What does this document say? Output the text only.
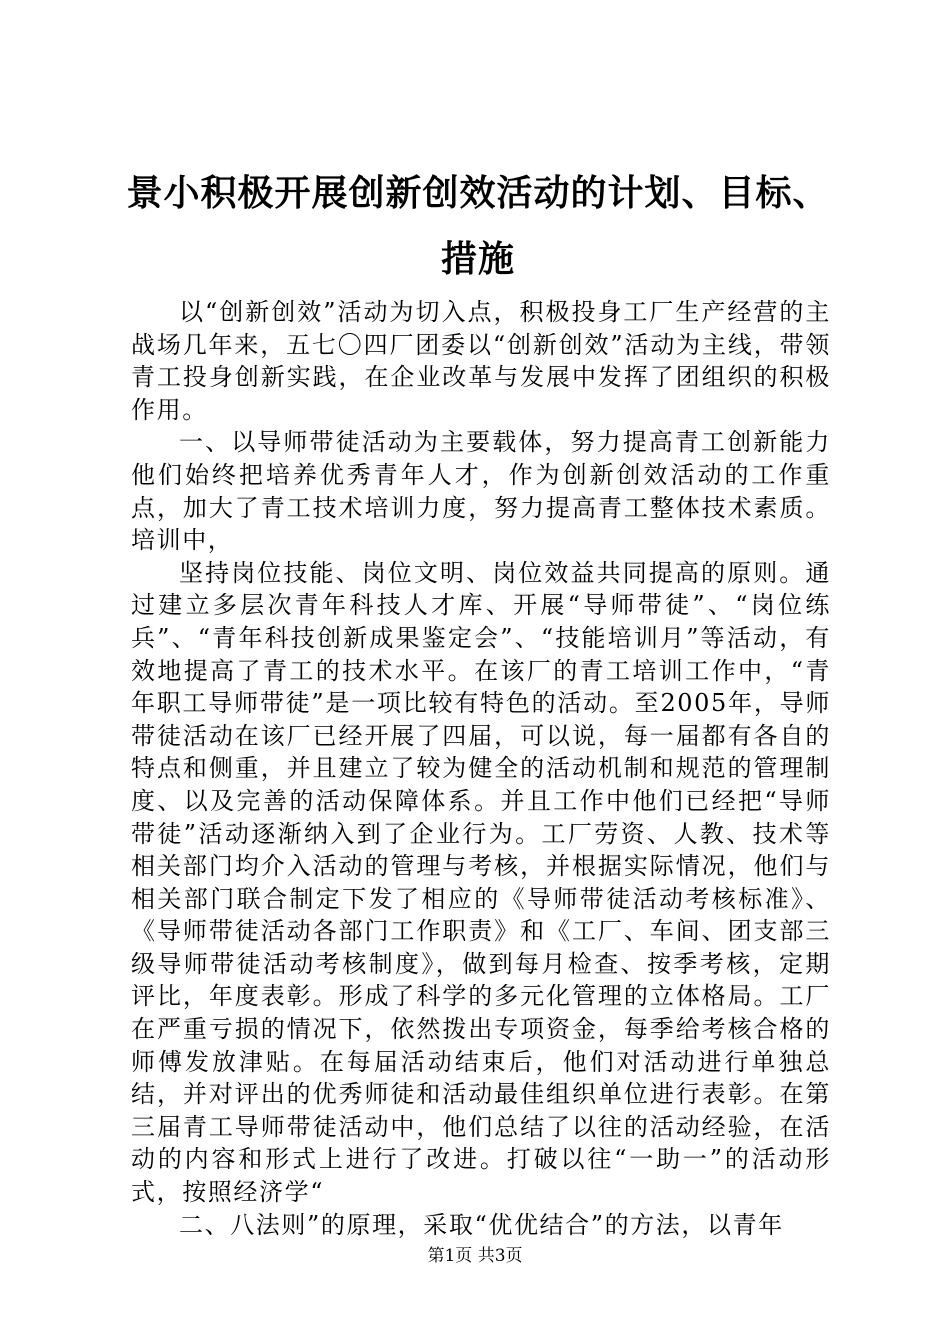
景小积极开展创新创效活动的计划、目标、措施

以“创新创效”活动为切入点，积极投身工厂生产经营的主战场几年来，五七〇四厂团委以“创新创效”活动为主线，带领青工投身创新实践，在企业改革与发展中发挥了团组织的积极作用。

一、以导师带徒活动为主要载体，努力提高青工创新能力他们始终把培养优秀青年人才，作为创新创效活动的工作重点，加大了青工技术培训力度，努力提高青工整体技术素质。培训中，

坚持岗位技能、岗位文明、岗位效益共同提高的原则。通过建立多层次青年科技人才库、开展“导师带徒”、“岗位练兵”、“青年科技创新成果鉴定会”、“技能培训月”等活动，有效地提高了青工的技术水平。在该厂的青工培训工作中，“青年职工导师带徒”是一项比较有特色的活动。至2005年，导师带徒活动在该厂已经开展了四届，可以说，每一届都有各自的特点和侧重，并且建立了较为健全的活动机制和规范的管理制度、以及完善的活动保障体系。并且工作中他们已经把“导师带徒”活动逐渐纳入到了企业行为。工厂劳资、人教、技术等相关部门均介入活动的管理与考核，并根据实际情况，他们与相关部门联合制定下发了相应的《导师带徒活动考核标准》、《导师带徒活动各部门工作职责》和《工厂、车间、团支部三级导师带徒活动考核制度》，做到每月检查、按季考核，定期评比，年度表彰。形成了科学的多元化管理的立体格局。工厂在严重亏损的情况下，依然拨出专项资金，每季给考核合格的师傅发放津贴。在每届活动结束后，他们对活动进行单独总结，并对评出的优秀师徒和活动最佳组织单位进行表彰。在第三届青工导师带徒活动中，他们总结了以往的活动经验，在活动的内容和形式上进行了改进。打破以往“一助一”的活动形式，按照经济学“

二、八法则”的原理，采取“优优结合”的方法，以青年

第1页 共3页
